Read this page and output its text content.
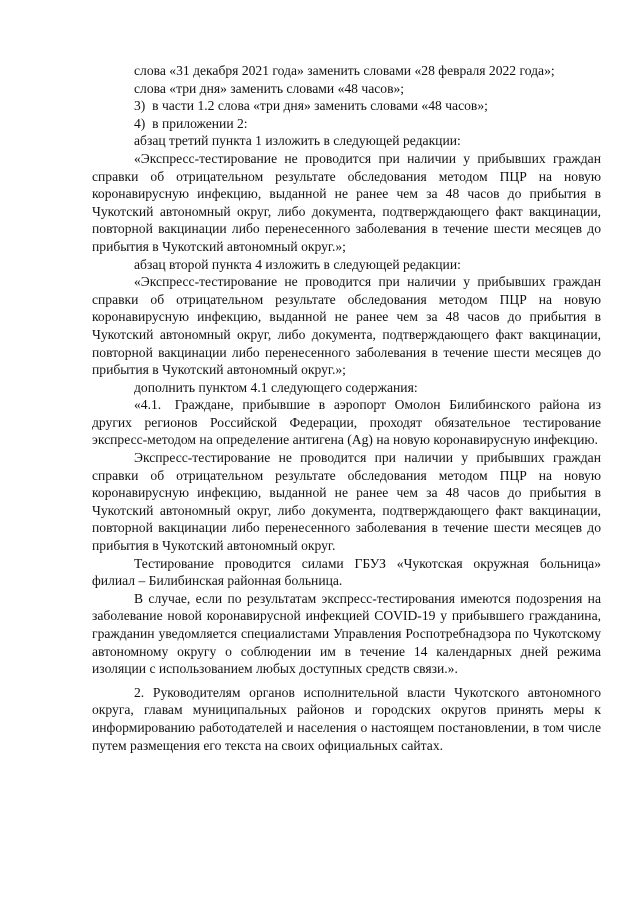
слова «31 декабря 2021 года» заменить словами «28 февраля 2022 года»;

слова «три дня» заменить словами «48 часов»;

3) в части 1.2 слова «три дня» заменить словами «48 часов»;

4) в приложении 2:

абзац третий пункта 1 изложить в следующей редакции:

«Экспресс-тестирование не проводится при наличии у прибывших граждан справки об отрицательном результате обследования методом ПЦР на новую коронавирусную инфекцию, выданной не ранее чем за 48 часов до прибытия в Чукотский автономный округ, либо документа, подтверждающего факт вакцинации, повторной вакцинации либо перенесенного заболевания в течение шести месяцев до прибытия в Чукотский автономный округ.»;

абзац второй пункта 4 изложить в следующей редакции:

«Экспресс-тестирование не проводится при наличии у прибывших граждан справки об отрицательном результате обследования методом ПЦР на новую коронавирусную инфекцию, выданной не ранее чем за 48 часов до прибытия в Чукотский автономный округ, либо документа, подтверждающего факт вакцинации, повторной вакцинации либо перенесенного заболевания в течение шести месяцев до прибытия в Чукотский автономный округ.»;

дополнить пунктом 4.1 следующего содержания:

«4.1. Граждане, прибывшие в аэропорт Омолон Билибинского района из других регионов Российской Федерации, проходят обязательное тестирование экспресс-методом на определение антигена (Ag) на новую коронавирусную инфекцию.

Экспресс-тестирование не проводится при наличии у прибывших граждан справки об отрицательном результате обследования методом ПЦР на новую коронавирусную инфекцию, выданной не ранее чем за 48 часов до прибытия в Чукотский автономный округ, либо документа, подтверждающего факт вакцинации, повторной вакцинации либо перенесенного заболевания в течение шести месяцев до прибытия в Чукотский автономный округ.

Тестирование проводится силами ГБУЗ «Чукотская окружная больница» филиал – Билибинская районная больница.

В случае, если по результатам экспресс-тестирования имеются подозрения на заболевание новой коронавирусной инфекцией COVID-19 у прибывшего гражданина, гражданин уведомляется специалистами Управления Роспотребнадзора по Чукотскому автономному округу о соблюдении им в течение 14 календарных дней режима изоляции с использованием любых доступных средств связи.».

2. Руководителям органов исполнительной власти Чукотского автономного округа, главам муниципальных районов и городских округов принять меры к информированию работодателей и населения о настоящем постановлении, в том числе путем размещения его текста на своих официальных сайтах.
